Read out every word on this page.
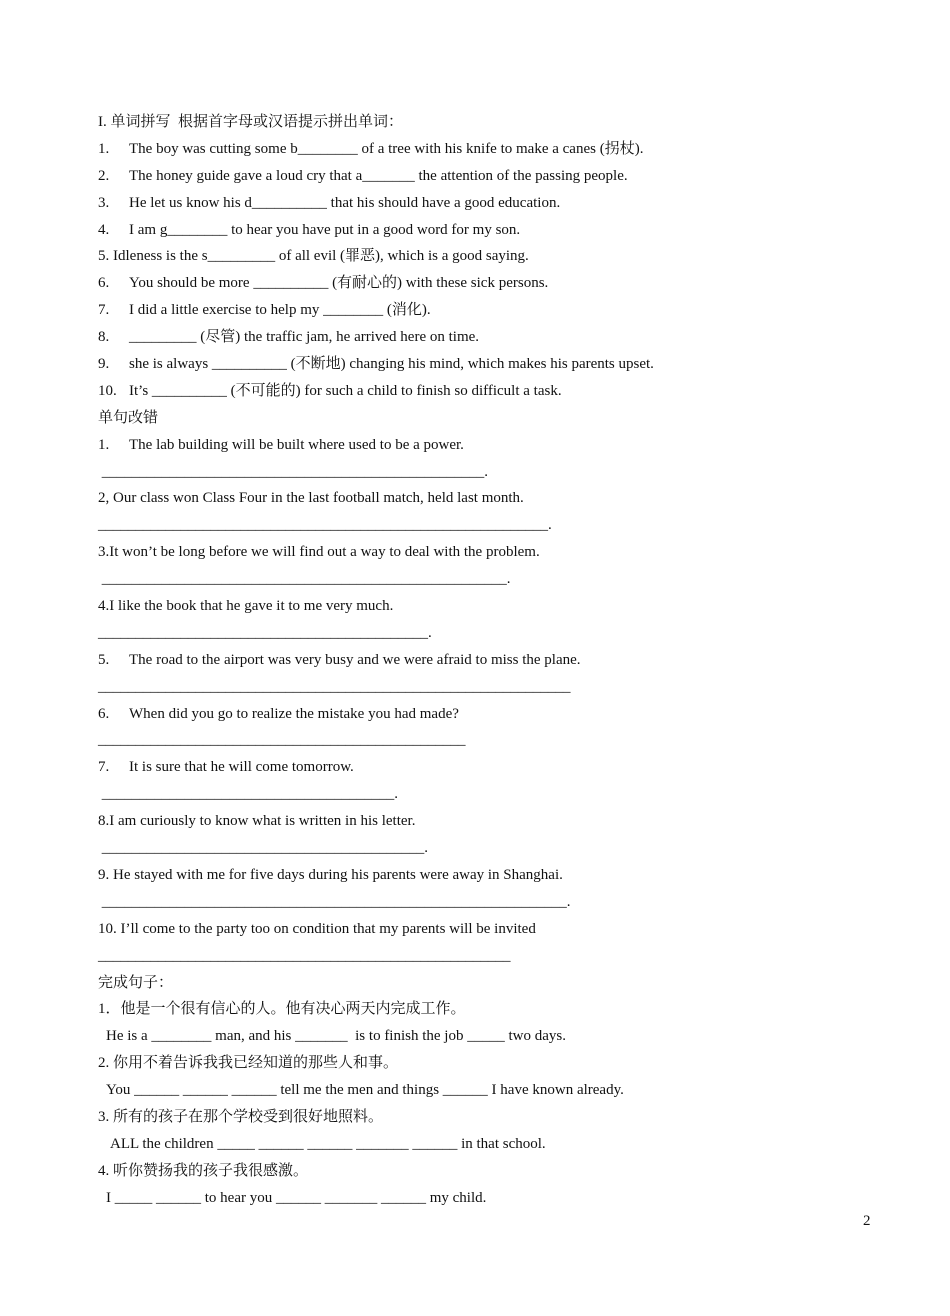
I. 单词拼写  根据首字母或汉语提示拼出单词：
1. The boy was cutting some b________ of a tree with his knife to make a canes (拐杖).
2. The honey guide gave a loud cry that a_______ the attention of the passing people.
3. He let us know his d__________ that his should have a good education.
4. I am g________ to hear you have put in a good word for my son.
5. Idleness is the s_________ of all evil (罪恶), which is a good saying.
6. You should be more __________ (有耐心的) with these sick persons.
7. I did a little exercise to help my ________ (消化).
8. _________ (尽管) the traffic jam, he arrived here on time.
9. she is always __________ (不断地) changing his mind, which makes his parents upset.
10. It’s __________ (不可能的) for such a child to finish so difficult a task.
单句改错
1. The lab building will be built where used to be a power.
___________________________________________________.
2, Our class won Class Four in the last football match, held last month.
____________________________________________________________.
3.It won’t be long before we will find out a way to deal with the problem.
______________________________________________________.
4.I like the book that he gave it to me very much.
____________________________________________.
5. The road to the airport was very busy and we were afraid to miss the plane.
_______________________________________________________________
6. When did you go to realize the mistake you had made?
_________________________________________________
7. It is sure that he will come tomorrow.
_______________________________________.
8.I am curiously to know what is written in his letter.
___________________________________________.
9. He stayed with me for five days during his parents were away in Shanghai.
______________________________________________________________.
10. I’ll come to the party too on condition that my parents will be invited
_______________________________________________________
完成句子：
1．他是一个很有信心的人。他有决心两天内完成工作。
He is a ________ man, and his _______  is to finish the job _____ two days.
2. 你用不着告诉我我已经知道的那些人和事。
You ______ ______ ______ tell me the men and things ______ I have known already.
3. 所有的孩子在那个学校受到很好地照料。
ALL the children _____ ______ ______ _______ ______ in that school.
4. 听你赞扬我的孩子我很感激。
I _____ ______ to hear you ______ _______ ______ my child.
2
